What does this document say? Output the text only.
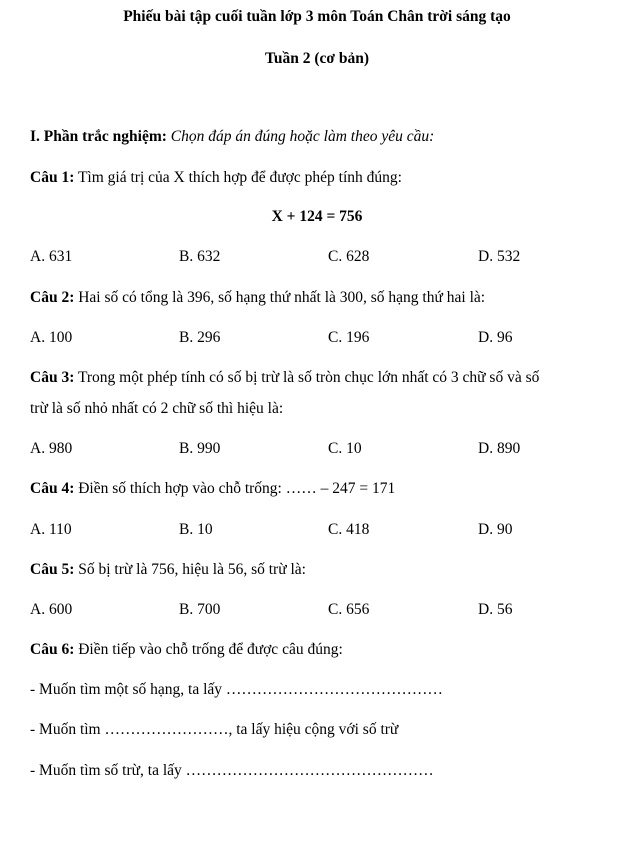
Phiếu bài tập cuối tuần lớp 3 môn Toán Chân trời sáng tạo
Tuần 2 (cơ bản)
I. Phần trắc nghiệm: Chọn đáp án đúng hoặc làm theo yêu cầu:
Câu 1: Tìm giá trị của X thích hợp để được phép tính đúng:
X + 124 = 756
A. 631	B. 632	C. 628	D. 532
Câu 2: Hai số có tổng là 396, số hạng thứ nhất là 300, số hạng thứ hai là:
A. 100	B. 296	C. 196	D. 96
Câu 3: Trong một phép tính có số bị trừ là số tròn chục lớn nhất có 3 chữ số và số
trừ là số nhỏ nhất có 2 chữ số thì hiệu là:
A. 980	B. 990	C. 10	D. 890
Câu 4: Điền số thích hợp vào chỗ trống: …… – 247 = 171
A. 110	B. 10	C. 418	D. 90
Câu 5: Số bị trừ là 756, hiệu là 56, số trừ là:
A. 600	B. 700	C. 656	D. 56
Câu 6: Điền tiếp vào chỗ trống để được câu đúng:
- Muốn tìm một số hạng, ta lấy ……………………………………
- Muốn tìm ……………………, ta lấy hiệu cộng với số trừ
- Muốn tìm số trừ, ta lấy …………………………………………
